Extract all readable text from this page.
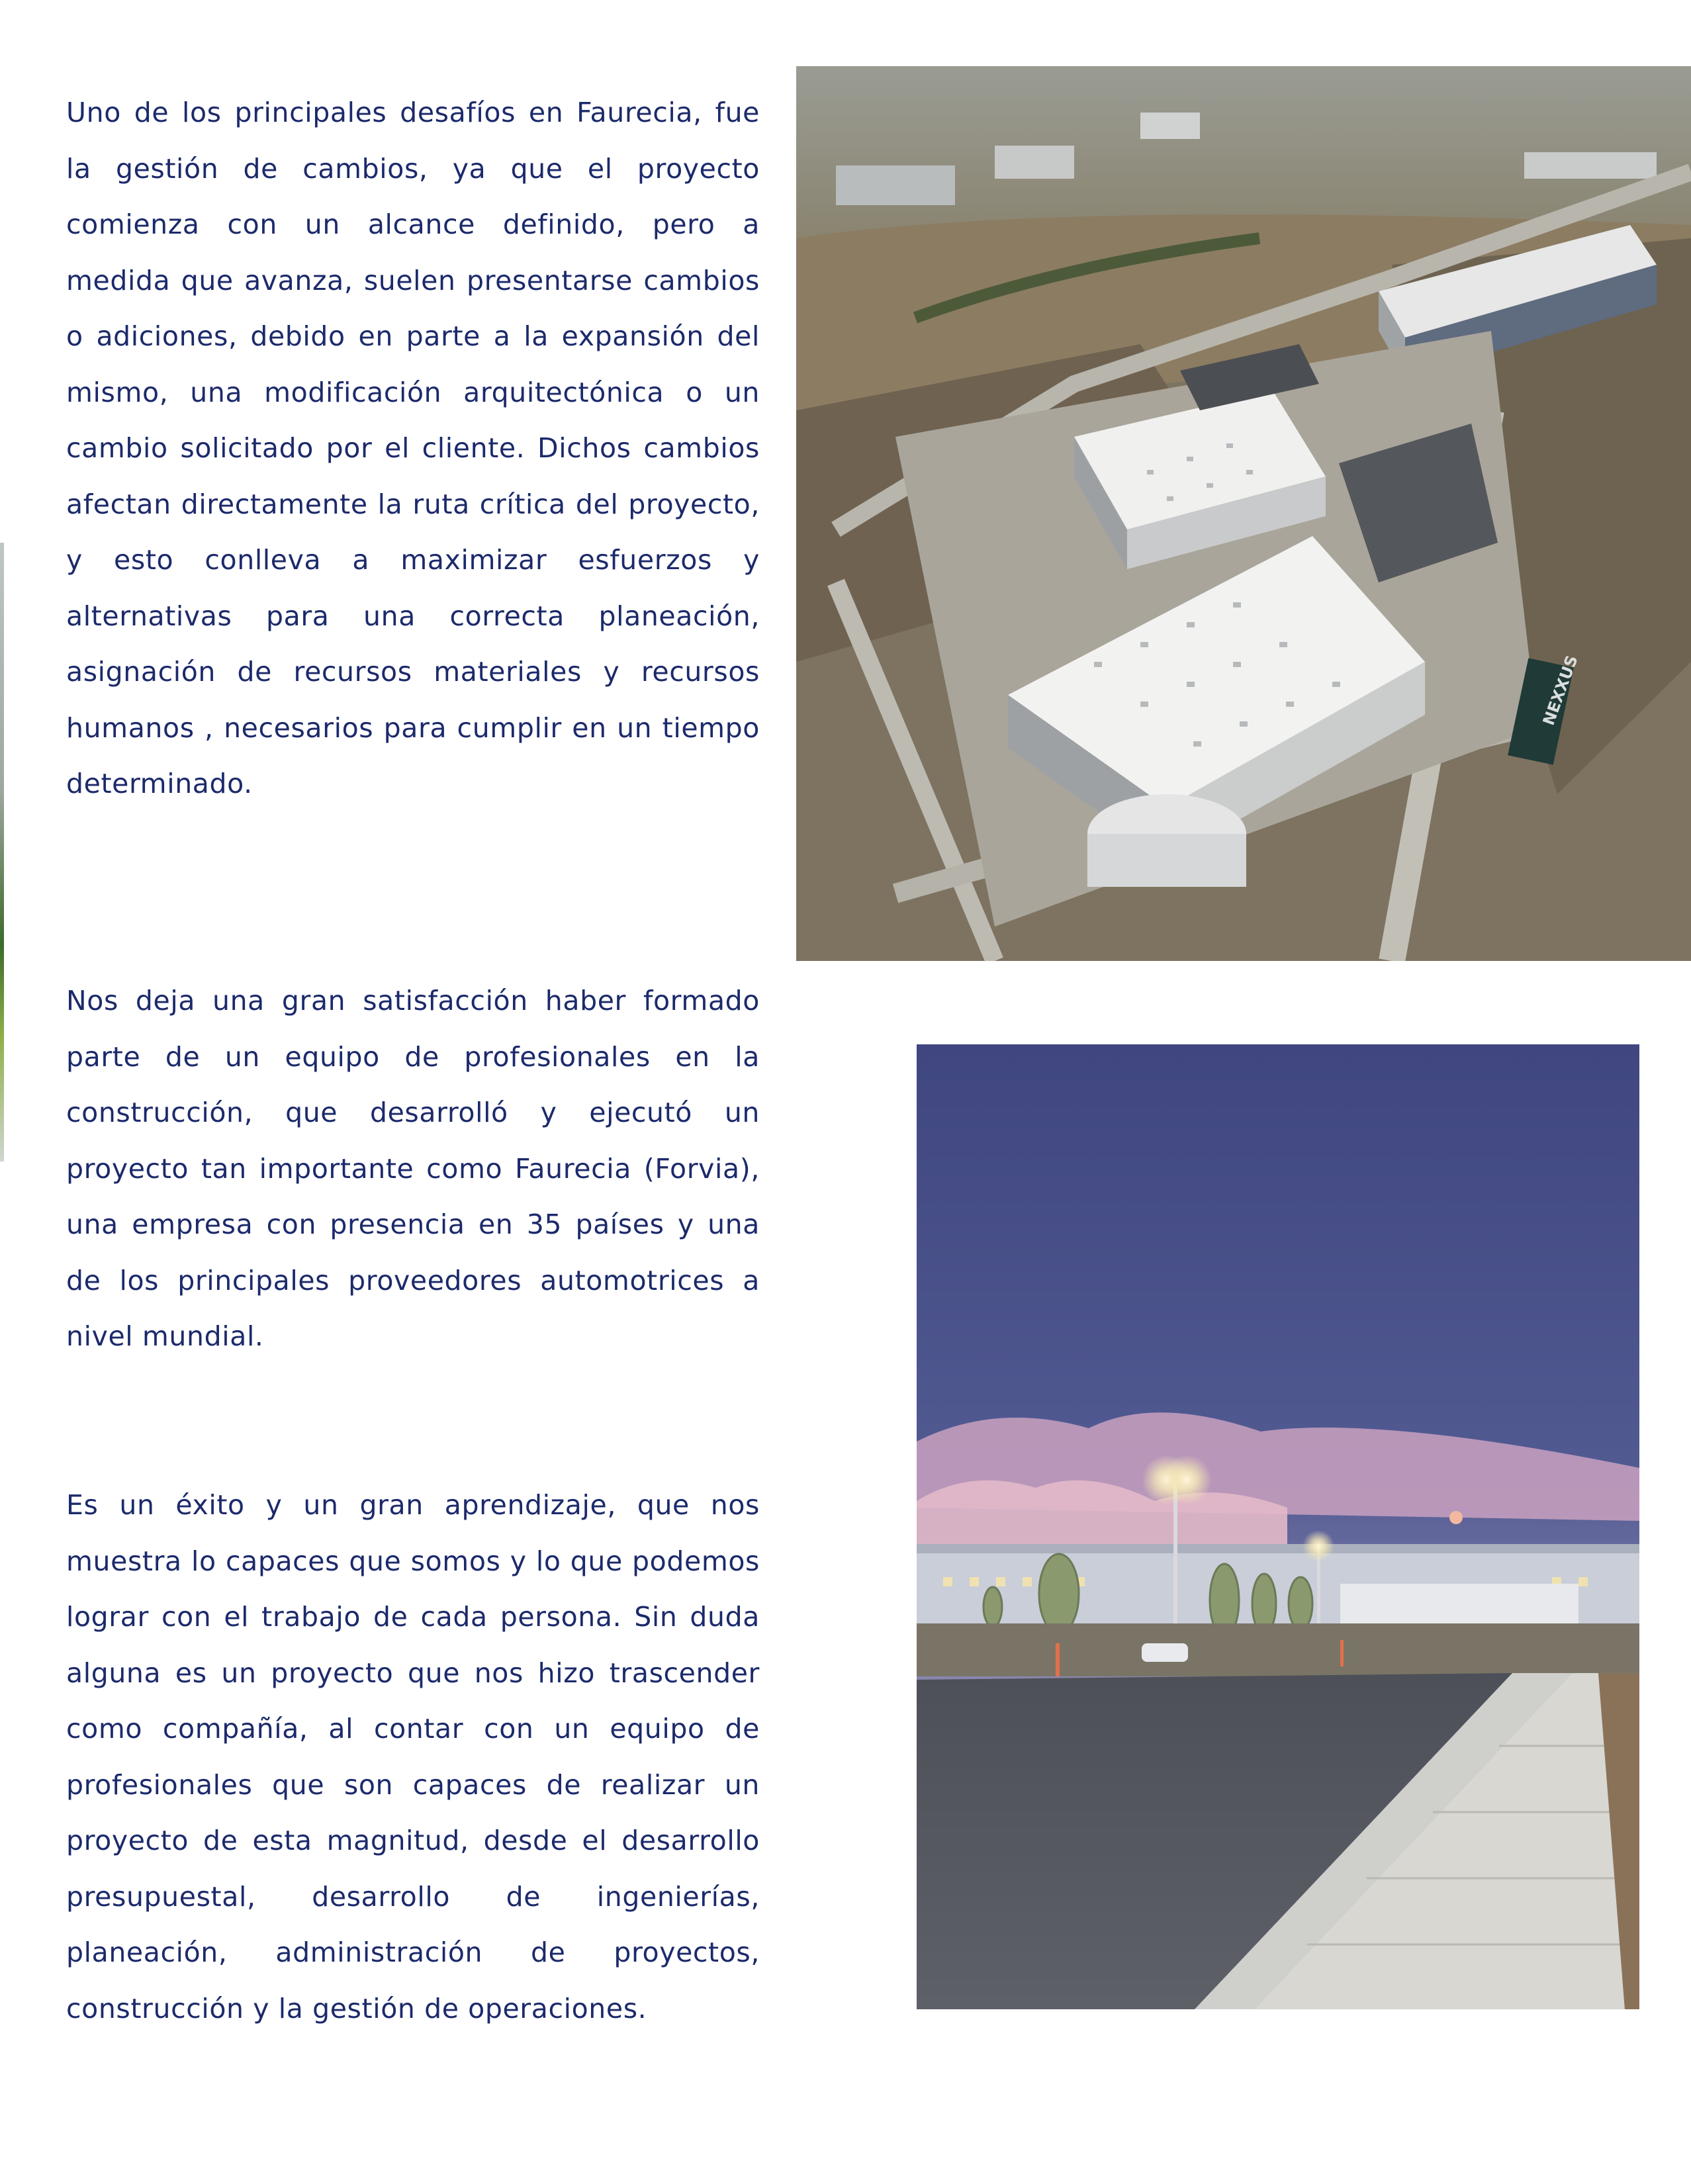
Uno de los principales desafíos en Faurecia, fue la gestión de cambios, ya que el proyecto comienza con un alcance definido, pero a medida que avanza, suelen presentarse cambios o adiciones, debido en parte a la expansión del mismo, una modificación arquitectónica o un cambio solicitado por el cliente. Dichos cambios afectan directamente la ruta crítica del proyecto, y esto conlleva a maximizar esfuerzos y alternativas para una correcta planeación, asignación de recursos materiales y recursos humanos , necesarios para cumplir en un tiempo determinado.

Nos deja una gran satisfacción haber formado parte de un equipo de profesionales en la construcción, que desarrolló y ejecutó un proyecto tan importante como Faurecia (Forvia), una empresa con presencia en 35 países y una de los principales proveedores automotrices a nivel mundial.

Es un éxito y un gran aprendizaje, que nos muestra lo capaces que somos y lo que podemos lograr con el trabajo de cada persona. Sin duda alguna es un proyecto que nos hizo trascender como compañía, al contar con un equipo de profesionales que son capaces de realizar un proyecto de esta magnitud, desde el desarrollo presupuestal, desarrollo de ingenierías, planeación, administración de proyectos, construcción y la gestión de operaciones.

NEXXUS
